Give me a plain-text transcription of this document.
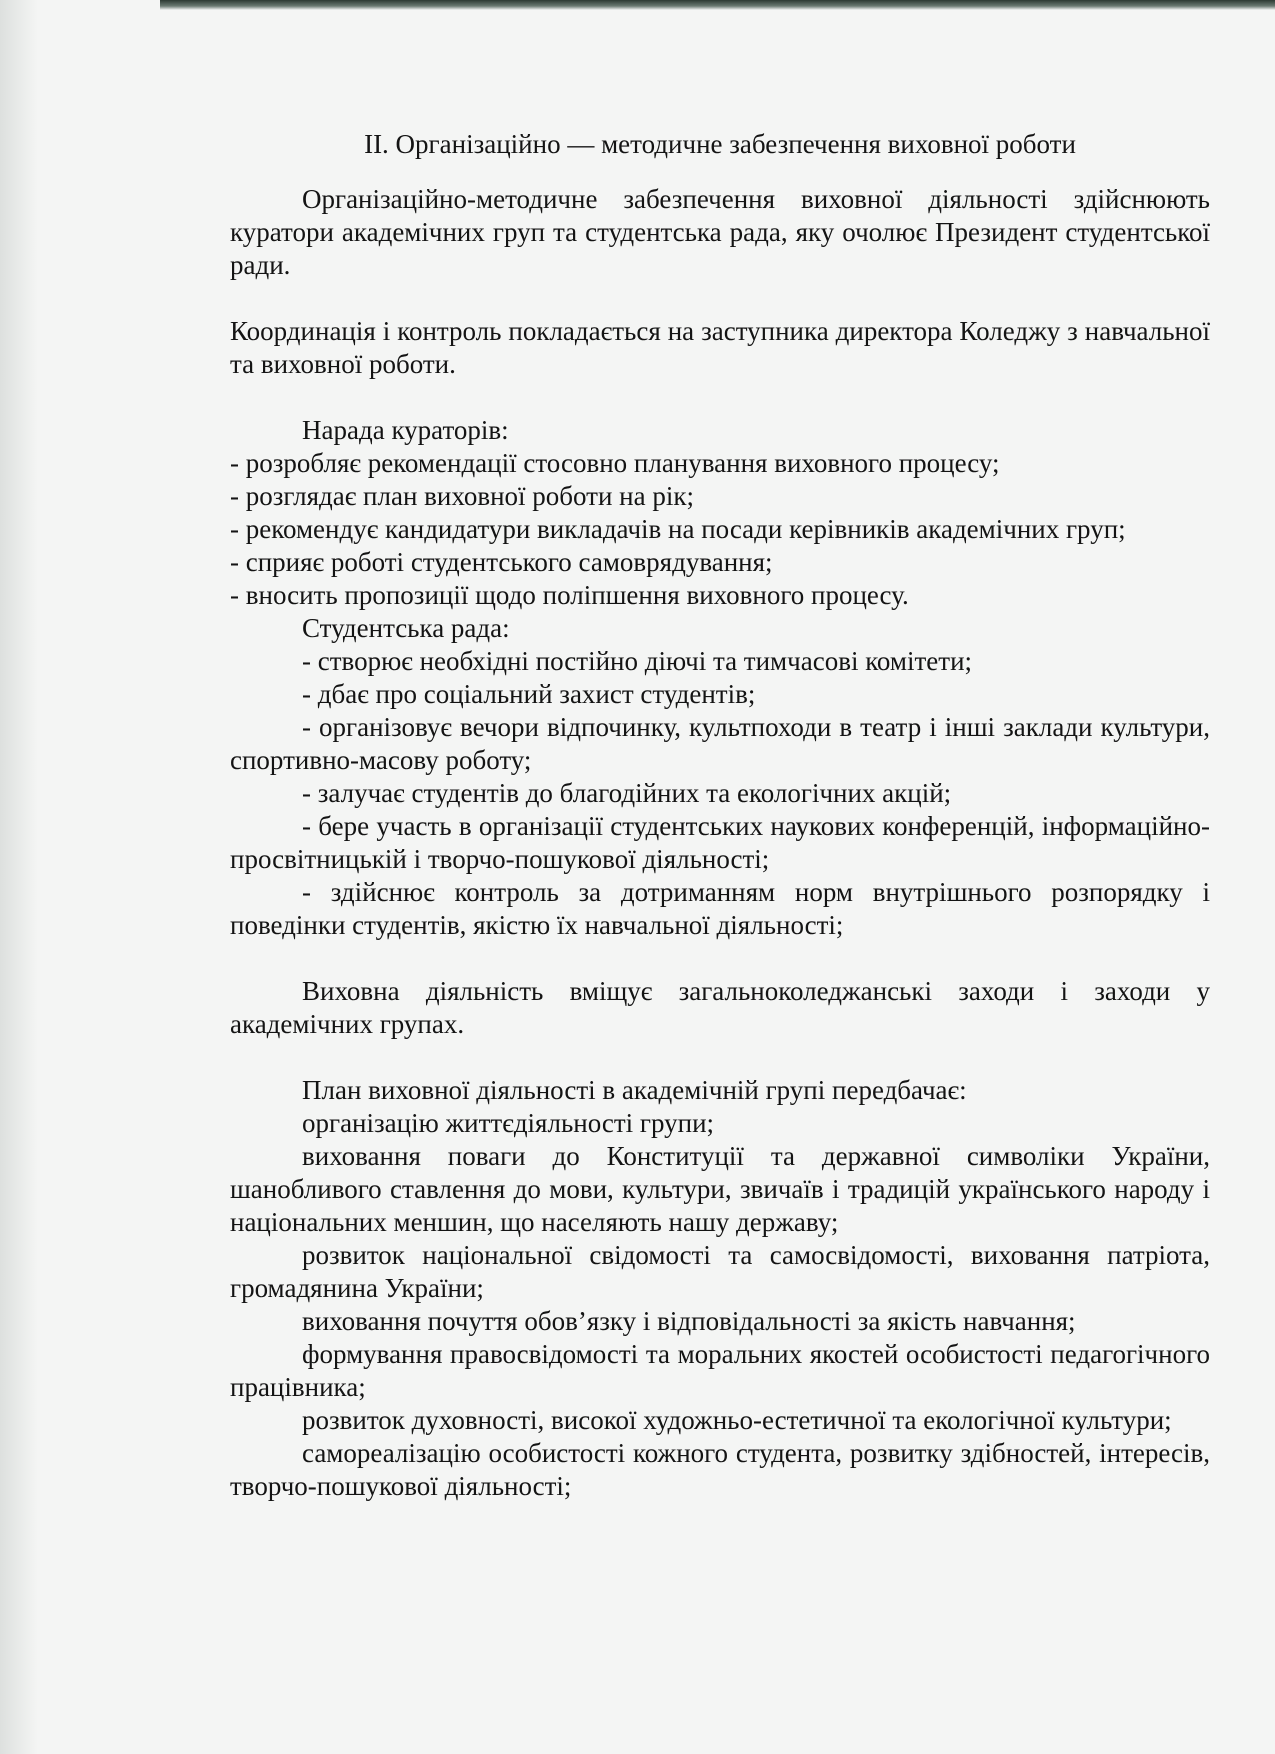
ІІ. Організаційно — методичне забезпечення виховної роботи

Організаційно-методичне забезпечення виховної діяльності здійснюють куратори академічних груп та студентська рада, яку очолює Президент студентської ради.

Координація і контроль покладається на заступника директора Коледжу з навчальної та виховної роботи.

Нарада кураторів:

- розробляє рекомендації стосовно планування виховного процесу;
- розглядає план виховної роботи на рік;
- рекомендує кандидатури викладачів на посади керівників академічних груп;
- сприяє роботі студентського самоврядування;
- вносить пропозиції щодо поліпшення виховного процесу.

Студентська рада:

- створює необхідні постійно діючі та тимчасові комітети;
- дбає про соціальний захист студентів;
- організовує вечори відпочинку, культпоходи в театр і інші заклади культури, спортивно-масову роботу;
- залучає студентів до благодійних та екологічних акцій;
- бере участь в організації студентських наукових конференцій, інформаційно-просвітницькій і творчо-пошукової діяльності;
- здійснює контроль за дотриманням норм внутрішнього розпорядку і поведінки студентів, якістю їх навчальної діяльності;

Виховна діяльність вміщує загальноколеджанські заходи і заходи у академічних групах.

План виховної діяльності в академічній групі передбачає:

організацію життєдіяльності групи;
виховання поваги до Конституції та державної символіки України, шанобливого ставлення до мови, культури, звичаїв і традицій українського народу і національних меншин, що населяють нашу державу;
розвиток національної свідомості та самосвідомості, виховання патріота, громадянина України;
виховання почуття обов’язку і відповідальності за якість навчання;
формування правосвідомості та моральних якостей особистості педагогічного працівника;
розвиток духовності, високої художньо-естетичної та екологічної культури;
самореалізацію особистості кожного студента, розвитку здібностей, інтересів, творчо-пошукової діяльності;
